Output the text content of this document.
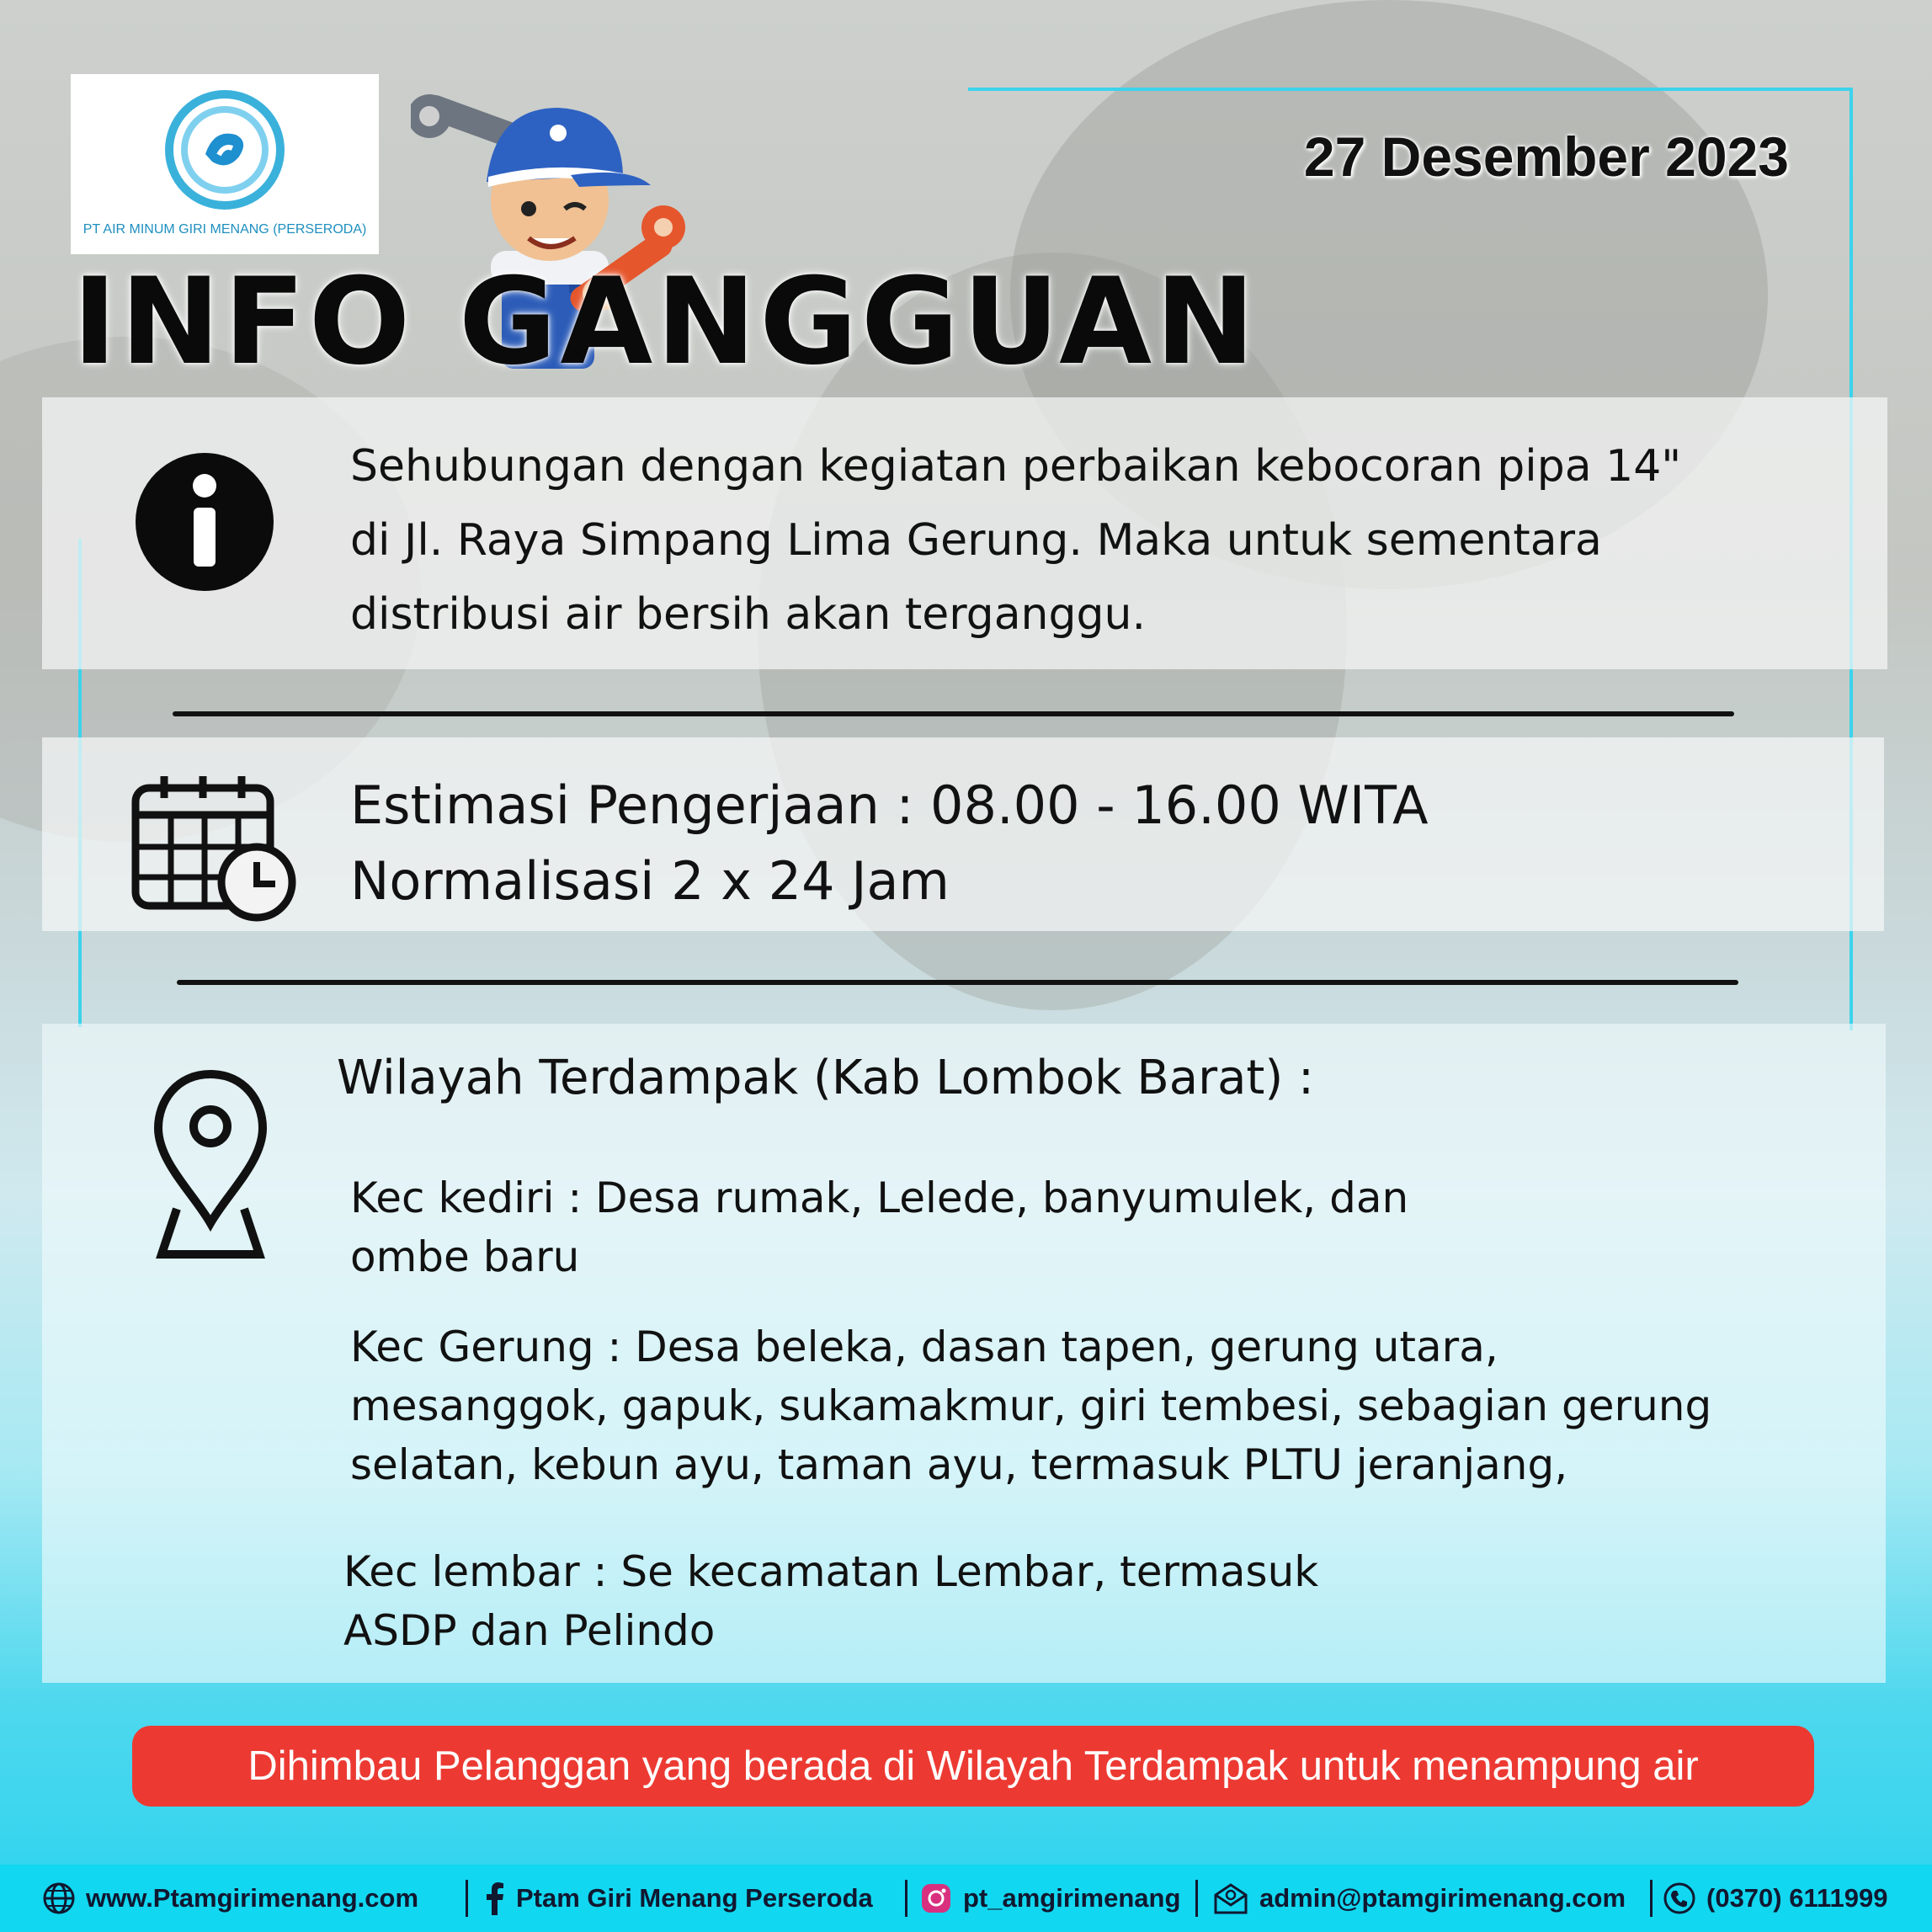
PT AIR MINUM GIRI MENANG (PERSERODA)
27 Desember 2023
INFO GANGGUAN
Sehubungan dengan kegiatan perbaikan kebocoran pipa 14"
di Jl. Raya Simpang Lima Gerung. Maka untuk sementara
distribusi air bersih akan terganggu.
Estimasi Pengerjaan : 08.00 - 16.00 WITA
Normalisasi 2 x 24 Jam
Wilayah Terdampak (Kab Lombok Barat) :
Kec kediri : Desa rumak, Lelede, banyumulek, dan
ombe baru
Kec Gerung : Desa beleka, dasan tapen, gerung utara,
mesanggok, gapuk, sukamakmur, giri tembesi, sebagian gerung
selatan, kebun ayu, taman ayu, termasuk PLTU jeranjang,
Kec lembar : Se kecamatan Lembar, termasuk
ASDP dan Pelindo
Dihimbau Pelanggan yang berada di Wilayah Terdampak untuk menampung air
www.Ptamgirimenang.com	Ptam Giri Menang Perseroda	pt_amgirimenang	admin@ptamgirimenang.com	(0370) 6111999
